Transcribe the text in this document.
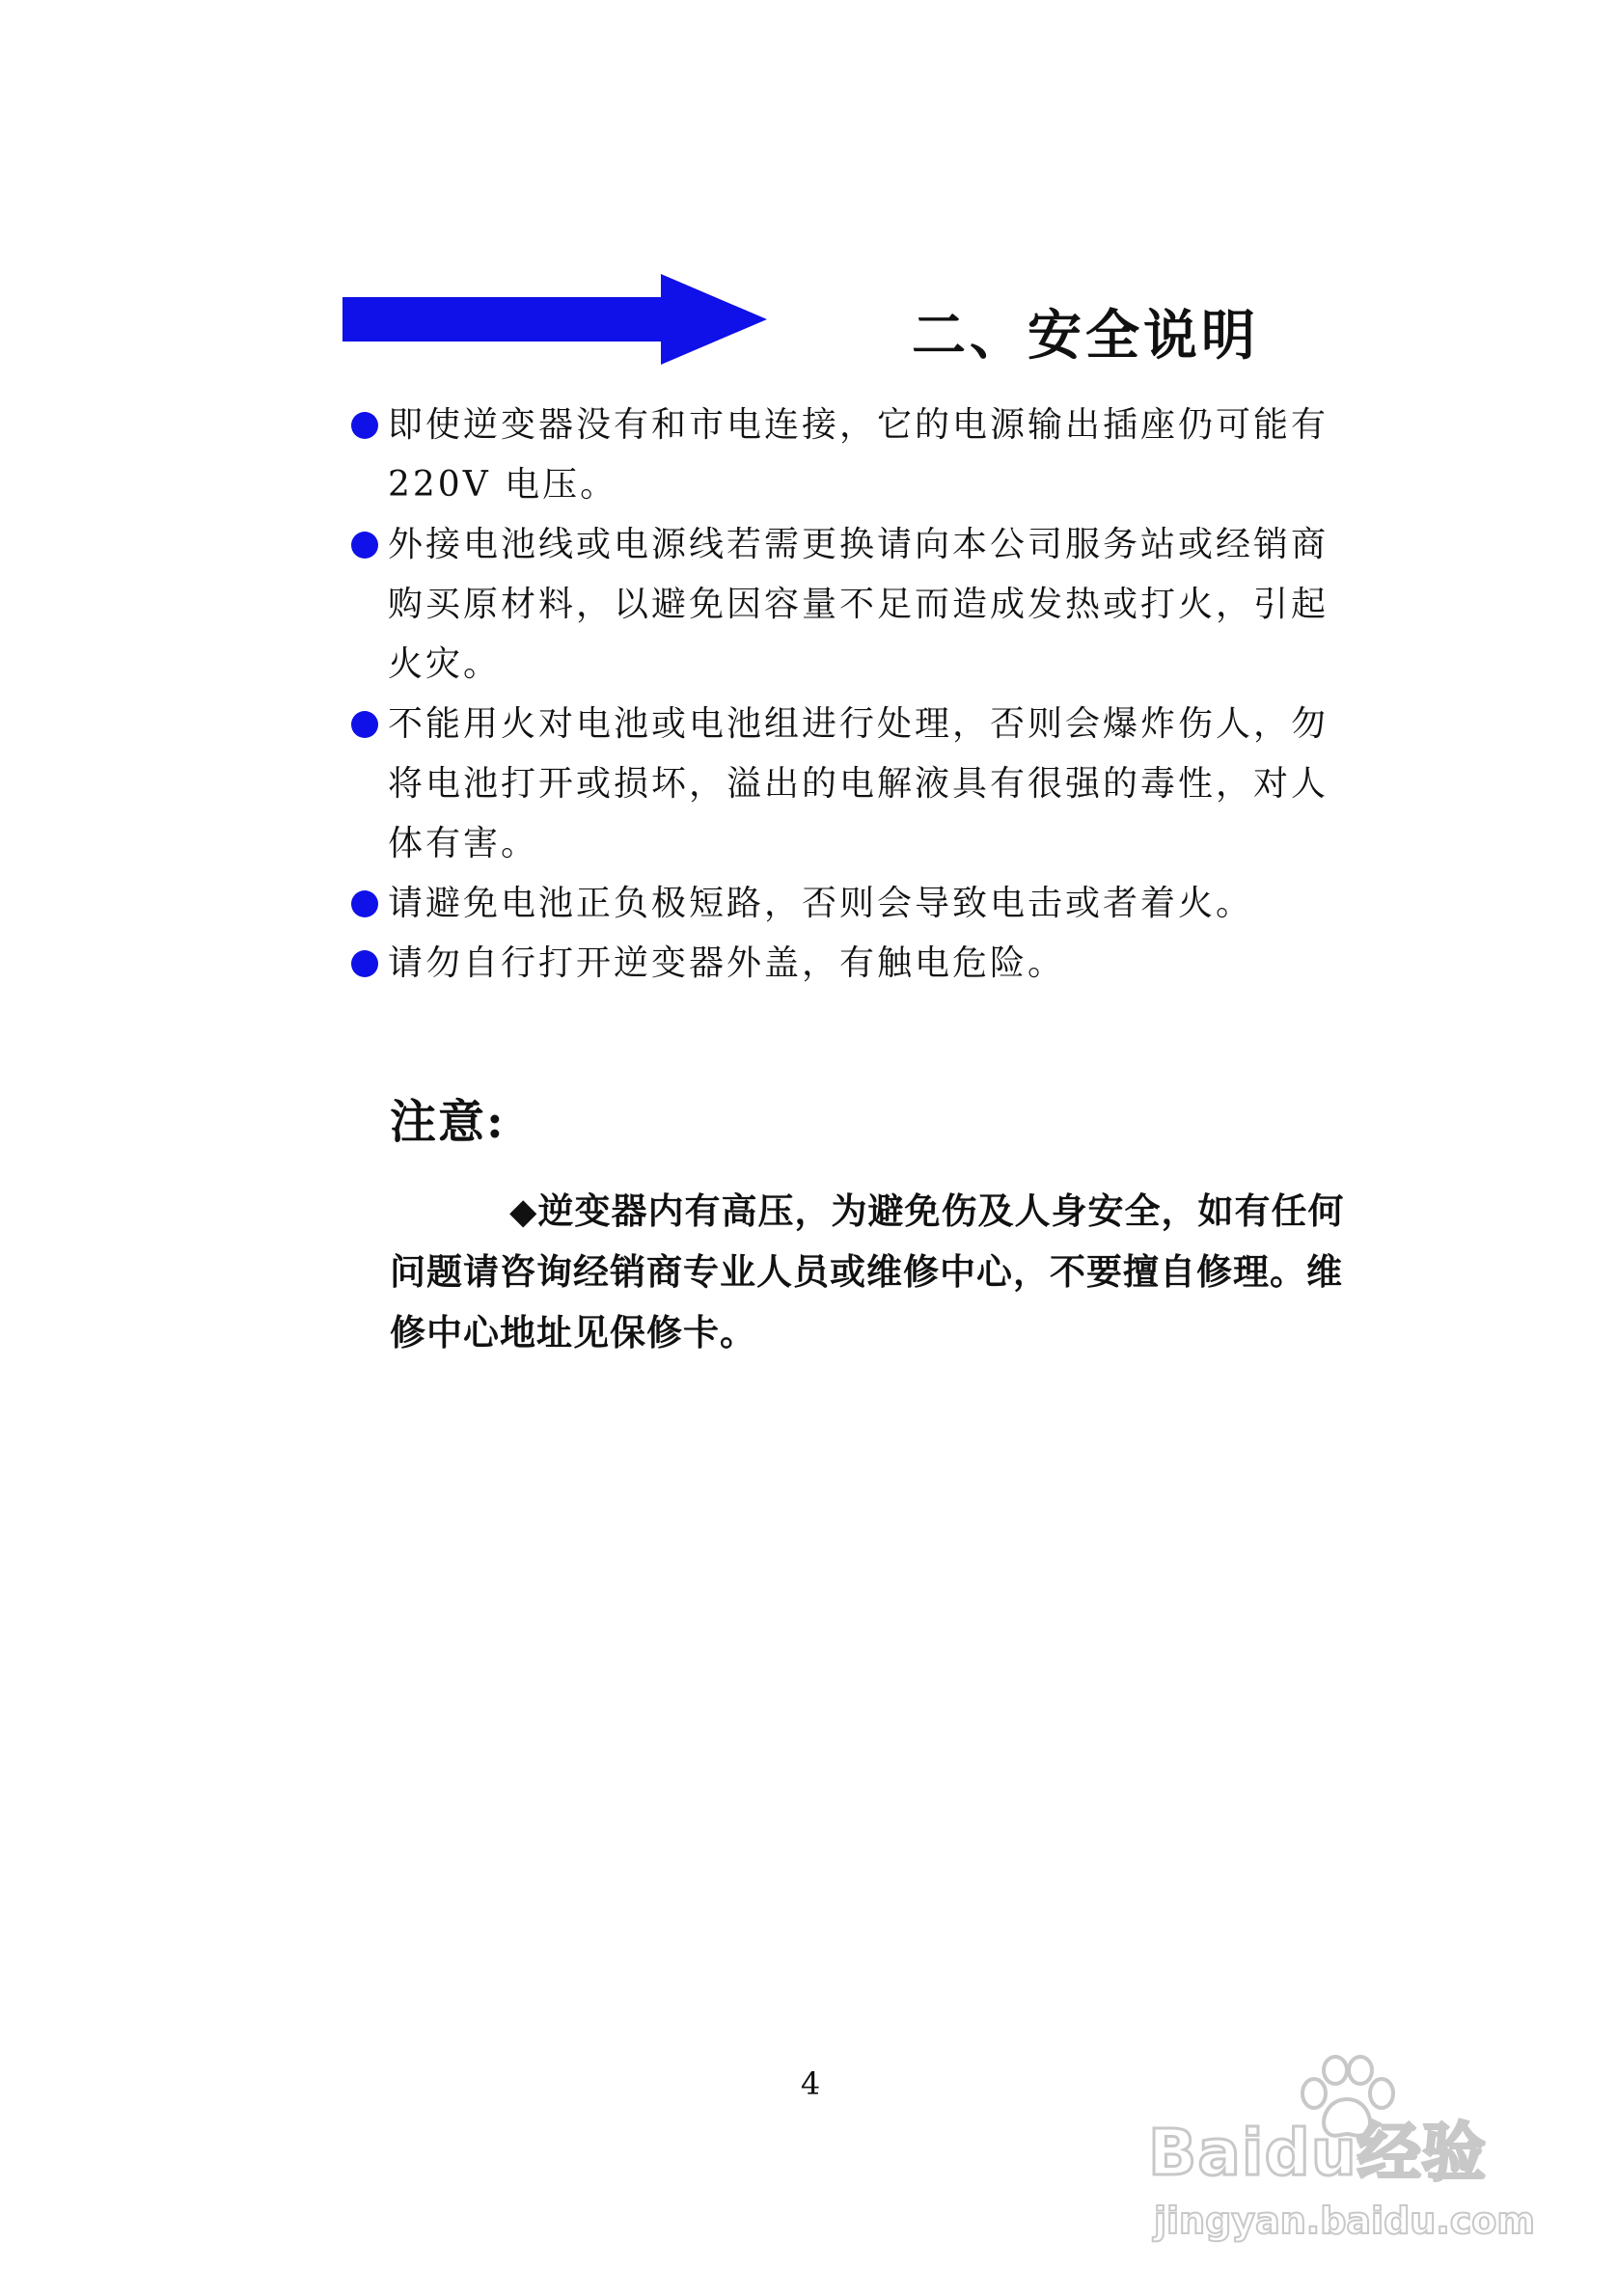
二、安全说明
即使逆变器没有和市电连接，它的电源输出插座仍可能有 220V 电压。
外接电池线或电源线若需更换请向本公司服务站或经销商购买原材料，以避免因容量不足而造成发热或打火，引起火灾。
不能用火对电池或电池组进行处理，否则会爆炸伤人，勿将电池打开或损坏，溢出的电解液具有很强的毒性，对人体有害。
请避免电池正负极短路，否则会导致电击或者着火。
请勿自行打开逆变器外盖，有触电危险。
注意:

◆逆变器内有高压，为避免伤及人身安全，如有任何问题请咨询经销商专业人员或维修中心，不要擅自修理。维修中心地址见保修卡。

4
Baidu经验
jingyan.baidu.com
